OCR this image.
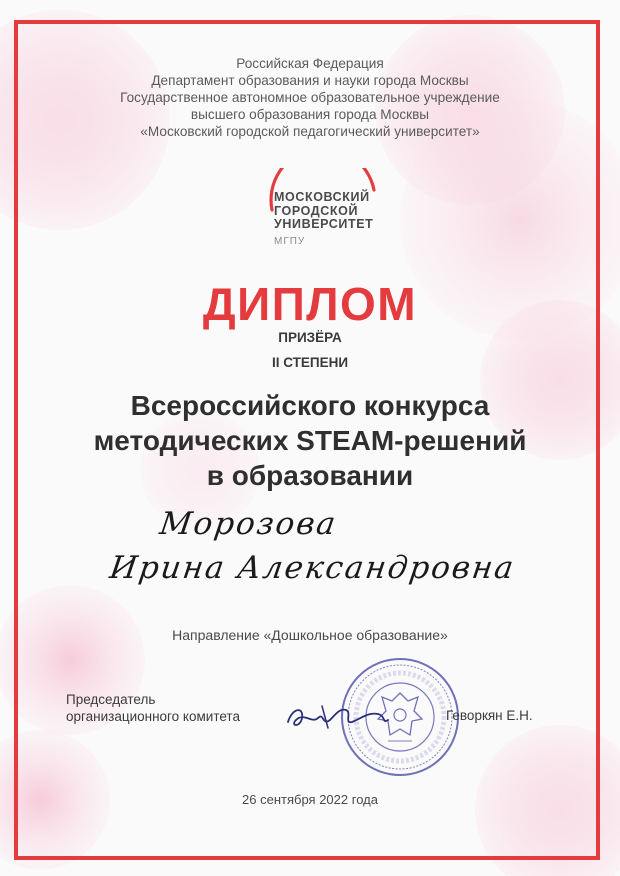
Российская Федерация
Департамент образования и науки города Москвы
Государственное автономное образовательное учреждение
высшего образования города Москвы
«Московский городской педагогический университет»
МОСКОВСКИЙ
ГОРОДСКОЙ
УНИВЕРСИТЕТ
МГПУ
ДИПЛОМ
ПРИЗЁРА
II СТЕПЕНИ
Всероссийского конкурса
методических STEAM-решений
в образовании
Морозова
Ирина Александровна
Направление «Дошкольное образование»
Председатель
организационного комитета	Геворкян Е.Н.
26 сентября 2022 года
